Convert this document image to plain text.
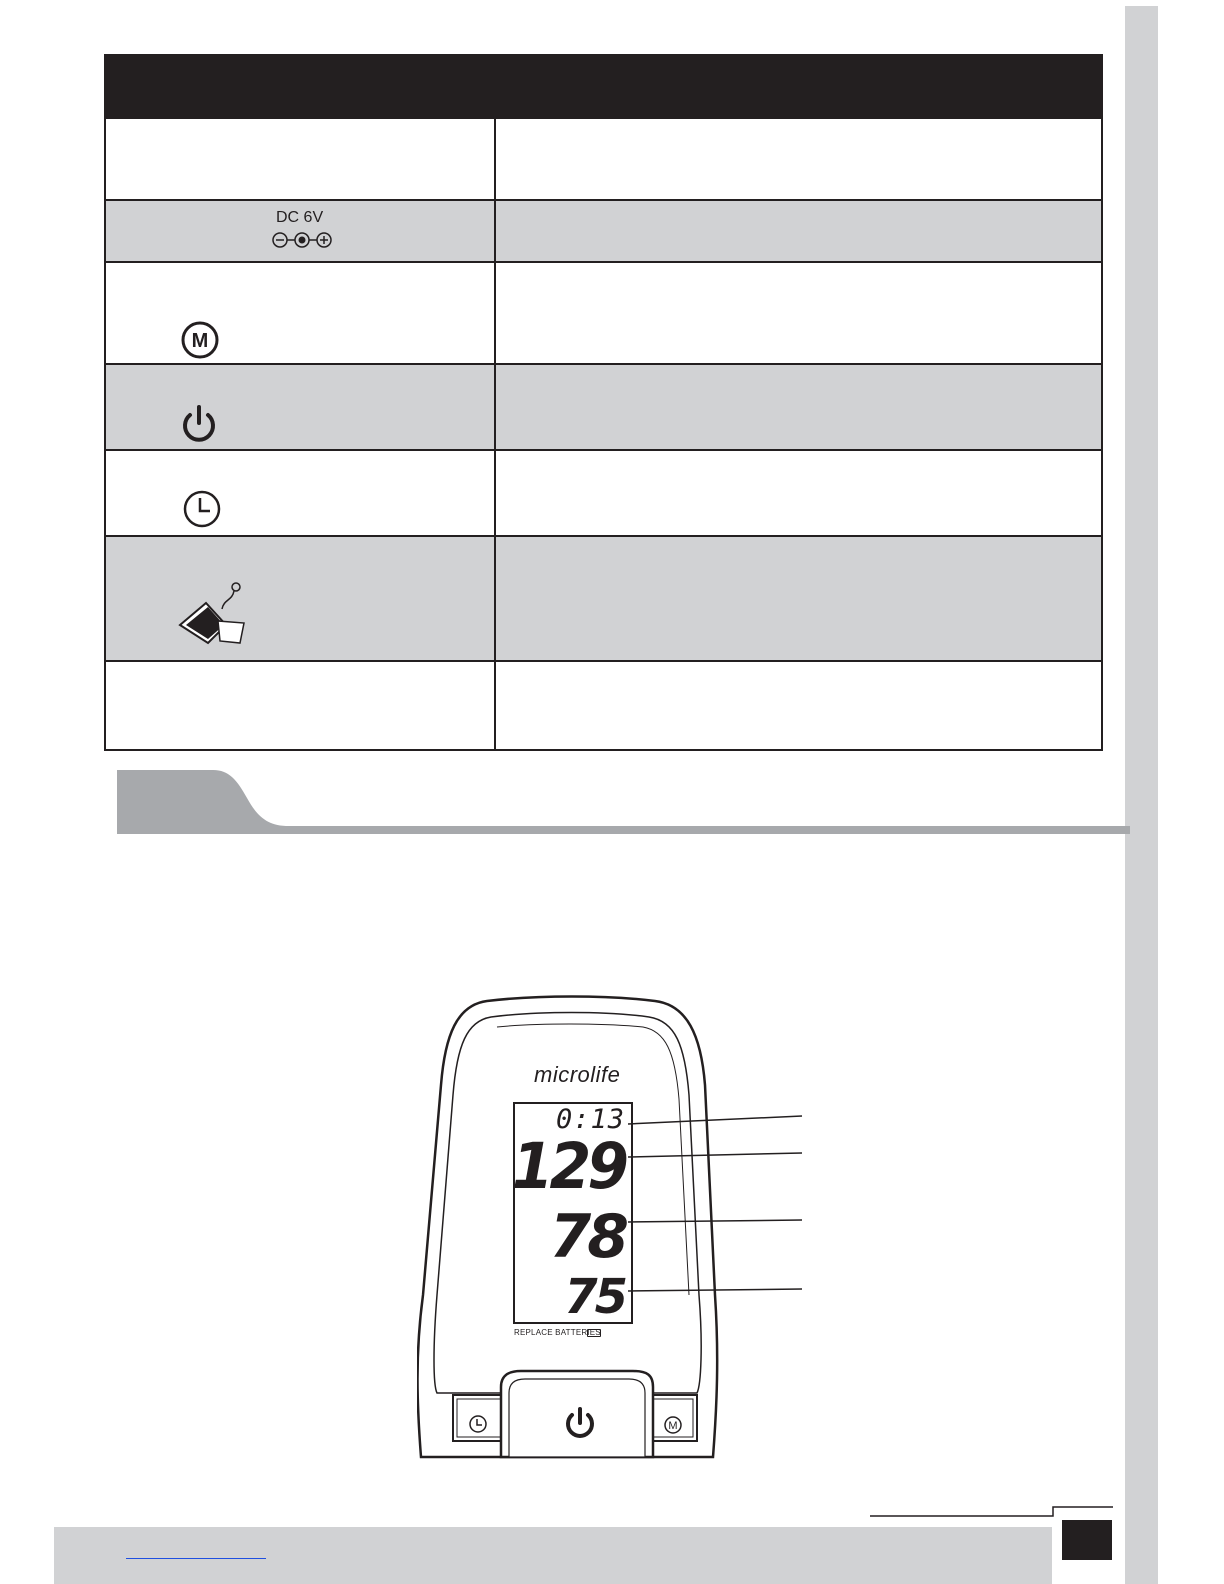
DC 6V
M
M
microlife
0:13
129
78
75
REPLACE BATTERIES
